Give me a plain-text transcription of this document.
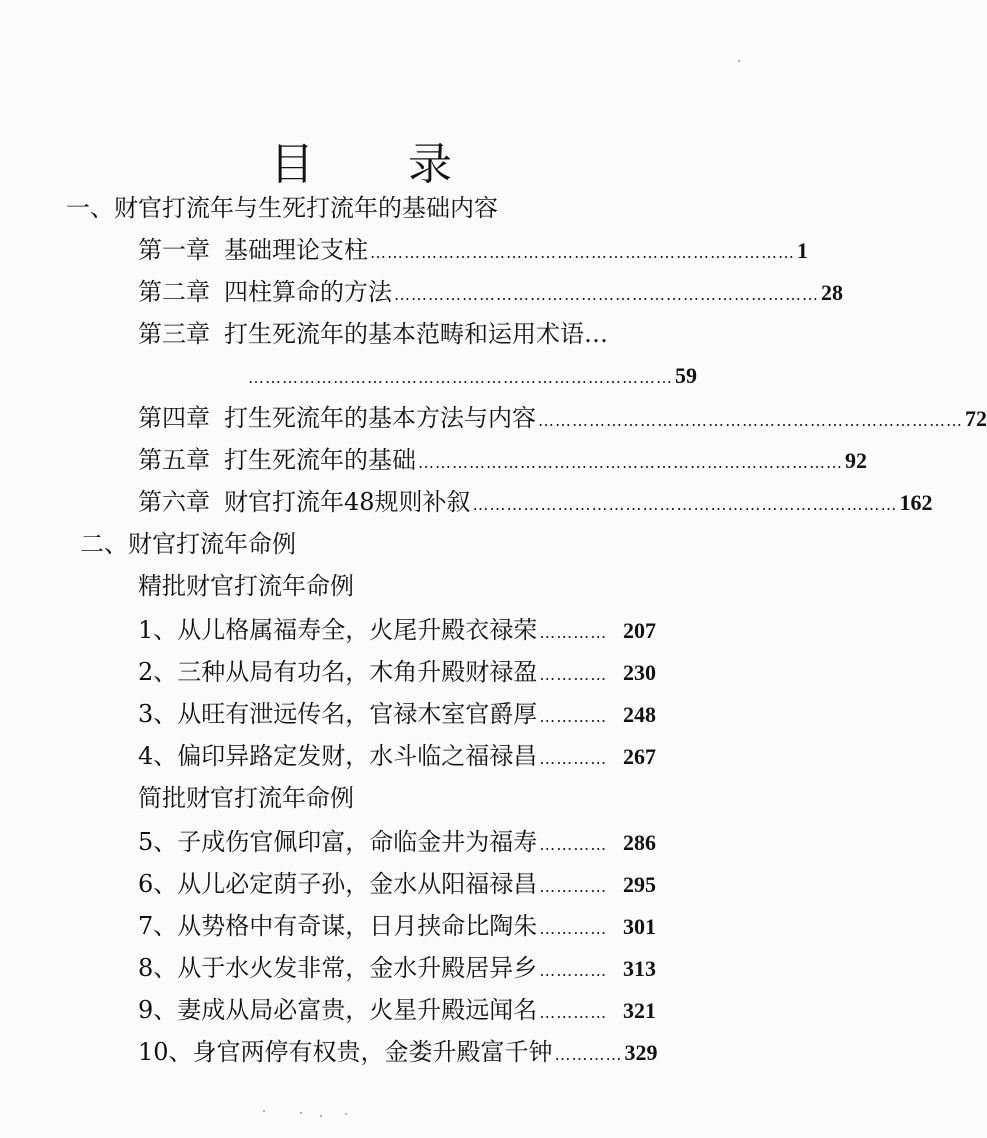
目 录
一、财官打流年与生死打流年的基础内容
第一章 基础理论支柱 ………………………………………………………………… 1
第二章 四柱算命的方法 ………………………………………………………………… 28
第三章 打生死流年的基本范畴和运用术语…
………………………………………………………………… 59
第四章 打生死流年的基本方法与内容 ………………………………………………………………… 72
第五章 打生死流年的基础 ………………………………………………………………… 92
第六章 财官打流年48规则补叙 ………………………………………………………………… 162
二、财官打流年命例
精批财官打流年命例
1、从儿格属福寿全，火尾升殿衣禄荣 ………… 207
2、三种从局有功名，木角升殿财禄盈 ………… 230
3、从旺有泄远传名，官禄木室官爵厚 ………… 248
4、偏印异路定发财，水斗临之福禄昌 ………… 267
简批财官打流年命例
5、子成伤官佩印富，命临金井为福寿 ………… 286
6、从儿必定荫子孙，金水从阳福禄昌 ………… 295
7、从势格中有奇谋，日月挟命比陶朱 ………… 301
8、从于水火发非常，金水升殿居异乡 ………… 313
9、妻成从局必富贵，火星升殿远闻名 ………… 321
10、身官两停有权贵，金娄升殿富千钟 ………… 329
